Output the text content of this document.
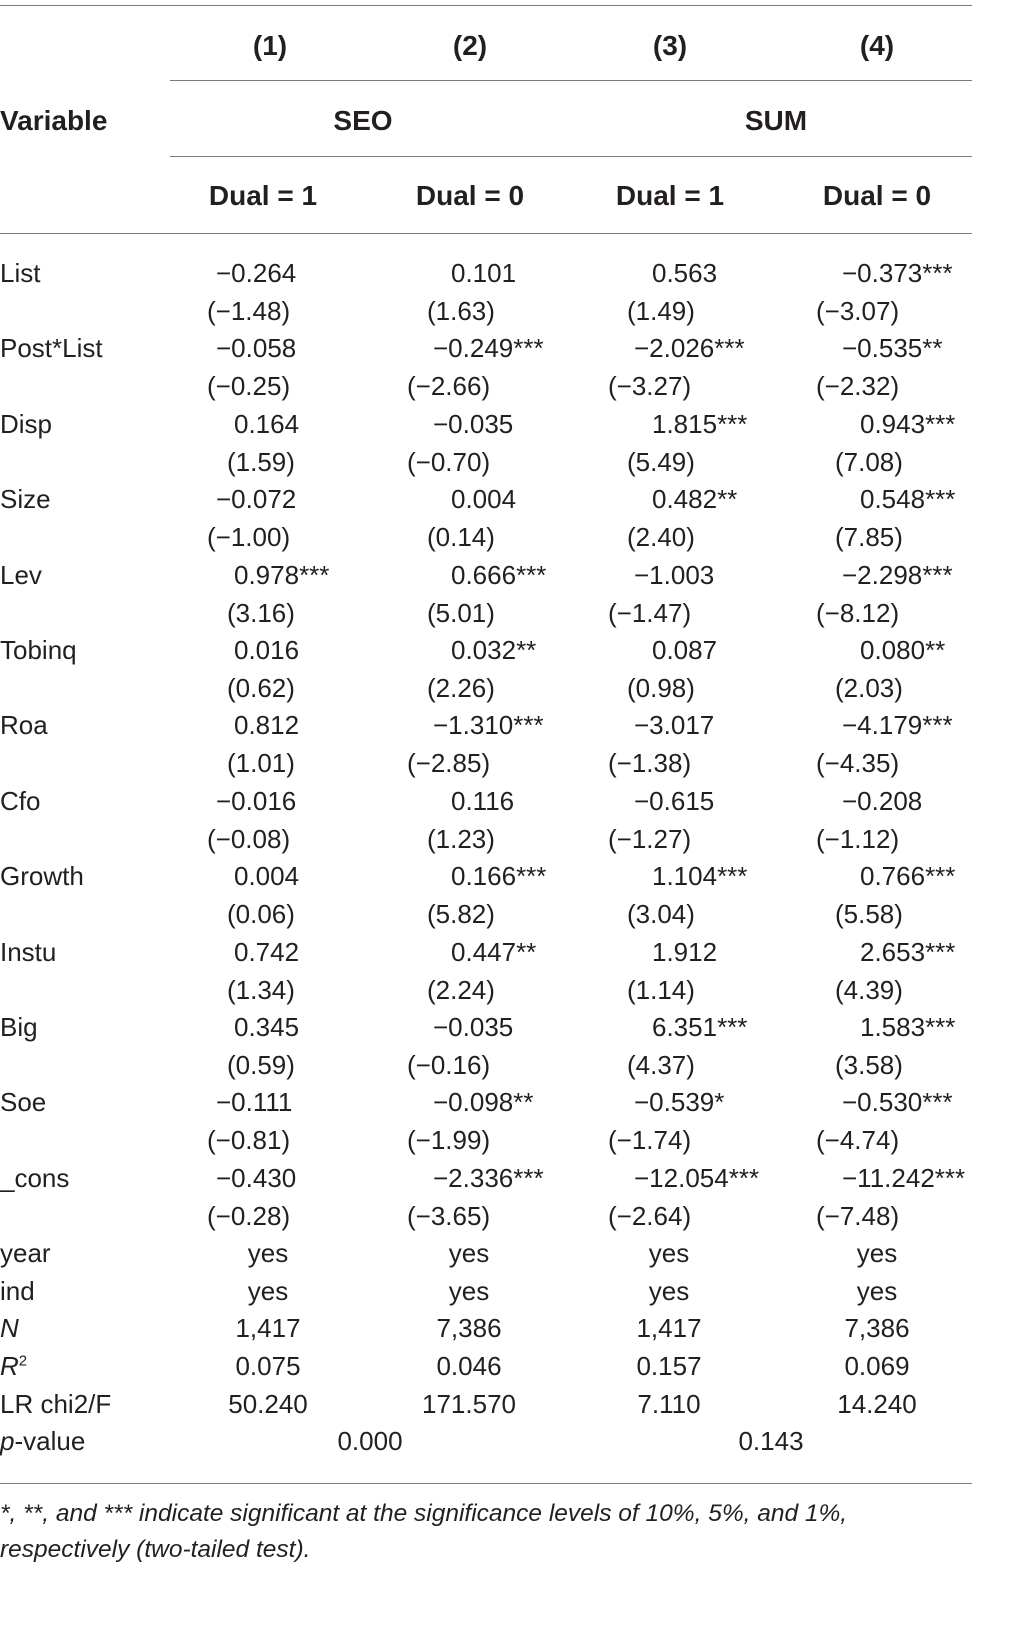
(1)	(2)	(3)	(4)
Variable	SEO	SUM
Dual = 1	Dual = 0	Dual = 1	Dual = 0
List	−0.264	0.101	0.563	−0.373***
(−1.48)	(1.63)	(1.49)	(−3.07)
Post*List	−0.058	−0.249***	−2.026***	−0.535**
(−0.25)	(−2.66)	(−3.27)	(−2.32)
Disp	0.164	−0.035	1.815***	0.943***
(1.59)	(−0.70)	(5.49)	(7.08)
Size	−0.072	0.004	0.482**	0.548***
(−1.00)	(0.14)	(2.40)	(7.85)
Lev	0.978***	0.666***	−1.003	−2.298***
(3.16)	(5.01)	(−1.47)	(−8.12)
Tobinq	0.016	0.032**	0.087	0.080**
(0.62)	(2.26)	(0.98)	(2.03)
Roa	0.812	−1.310***	−3.017	−4.179***
(1.01)	(−2.85)	(−1.38)	(−4.35)
Cfo	−0.016	0.116	−0.615	−0.208
(−0.08)	(1.23)	(−1.27)	(−1.12)
Growth	0.004	0.166***	1.104***	0.766***
(0.06)	(5.82)	(3.04)	(5.58)
Instu	0.742	0.447**	1.912	2.653***
(1.34)	(2.24)	(1.14)	(4.39)
Big	0.345	−0.035	6.351***	1.583***
(0.59)	(−0.16)	(4.37)	(3.58)
Soe	−0.111	−0.098**	−0.539*	−0.530***
(−0.81)	(−1.99)	(−1.74)	(−4.74)
_cons	−0.430	−2.336***	−12.054***	−11.242***
(−0.28)	(−3.65)	(−2.64)	(−7.48)
year	yes	yes	yes	yes
ind	yes	yes	yes	yes
N	1,417	7,386	1,417	7,386
$R^2$	0.075	0.046	0.157	0.069
LR chi2/F	50.240	171.570	7.110	14.240
p-value	0.000	0.143
*, **, and *** indicate significant at the significance levels of 10%, 5%, and 1%,
respectively (two-tailed test).
